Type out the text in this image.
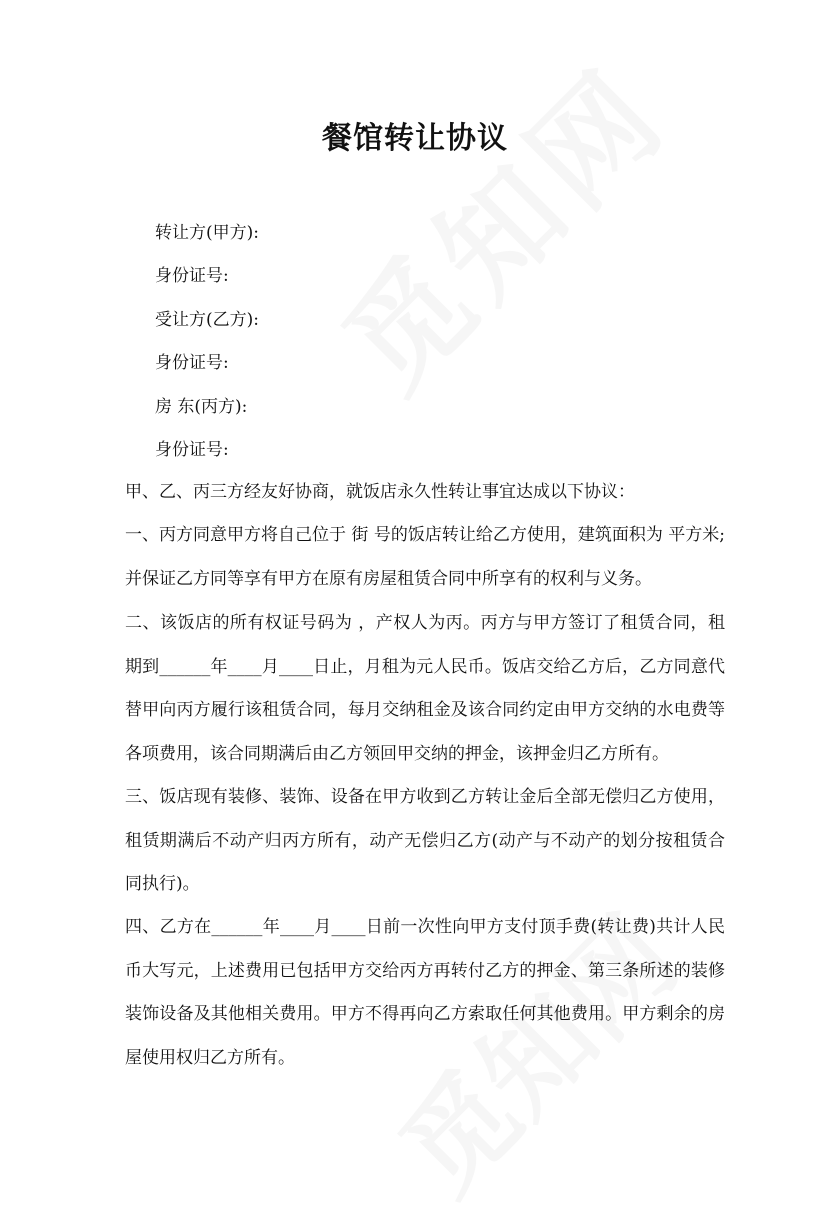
餐馆转让协议
转让方(甲方):
身份证号:
受让方(乙方):
身份证号:
房 东(丙方):
身份证号:
甲、乙、丙三方经友好协商，就饭店永久性转让事宜达成以下协议：
一、丙方同意甲方将自己位于 街 号的饭店转让给乙方使用，建筑面积为 平方米;并保证乙方同等享有甲方在原有房屋租赁合同中所享有的权利与义务。
二、该饭店的所有权证号码为 ，产权人为丙。丙方与甲方签订了租赁合同，租期到______年____月____日止，月租为元人民币。饭店交给乙方后，乙方同意代替甲向丙方履行该租赁合同，每月交纳租金及该合同约定由甲方交纳的水电费等各项费用，该合同期满后由乙方领回甲交纳的押金，该押金归乙方所有。
三、饭店现有装修、装饰、设备在甲方收到乙方转让金后全部无偿归乙方使用，租赁期满后不动产归丙方所有，动产无偿归乙方(动产与不动产的划分按租赁合同执行)。
四、乙方在______年____月____日前一次性向甲方支付顶手费(转让费)共计人民币大写元，上述费用已包括甲方交给丙方再转付乙方的押金、第三条所述的装修装饰设备及其他相关费用。甲方不得再向乙方索取任何其他费用。甲方剩余的房屋使用权归乙方所有。
